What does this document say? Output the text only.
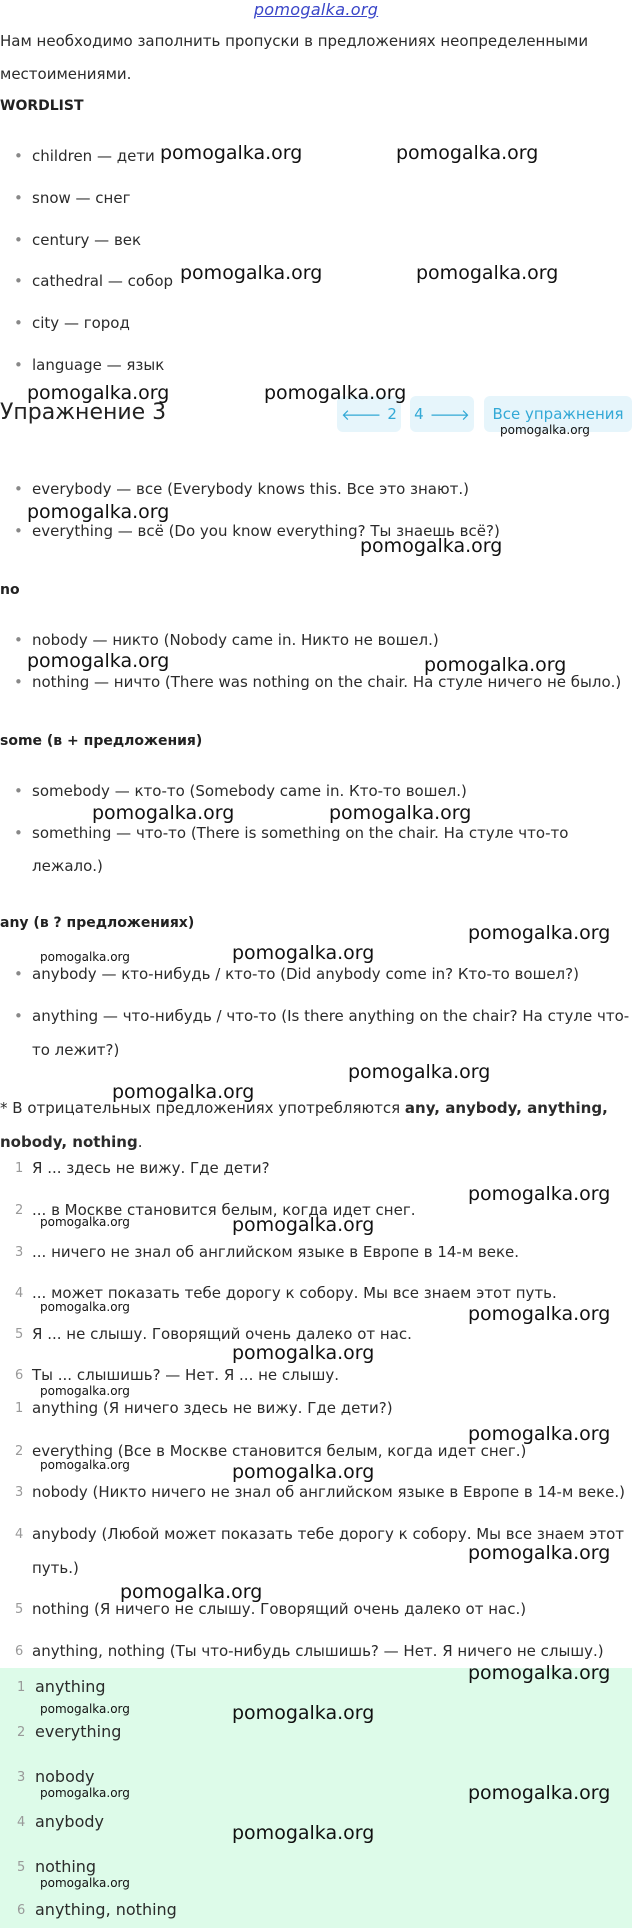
pomogalka.org
Нам необходимо заполнить пропуски в предложениях неопределенными
местоимениями.
WORDLIST
• children — дети
• snow — снег
• century — век
• cathedral — собор
• city — город
• language — язык
Упражнение 3	🡐 2 4 🡒 Все упражнения
• everybody — все (Everybody knows this. Все это знают.)
• everything — всё (Do you know everything? Ты знаешь всё?)
no
• nobody — никто (Nobody came in. Никто не вошел.)
• nothing — ничто (There was nothing on the chair. На стуле ничего не было.)
some (в + предложения)
• somebody — кто-то (Somebody came in. Кто-то вошел.)
• something — что-то (There is something on the chair. На стуле что-то
лежало.)
any (в ? предложениях)
• anybody — кто-нибудь / кто-то (Did anybody come in? Кто-то вошел?)
• anything — что-нибудь / что-то (Is there anything on the chair? На стуле что-
то лежит?)
* В отрицательных предложениях употребляются any, anybody, anything,
nobody, nothing.
1 Я ... здесь не вижу. Где дети?
2 ... в Москве становится белым, когда идет снег.
3 ... ничего не знал об английском языке в Европе в 14-м веке.
4 ... может показать тебе дорогу к собору. Мы все знаем этот путь.
5 Я ... не слышу. Говорящий очень далеко от нас.
6 Ты ... слышишь? — Нет. Я ... не слышу.
1 anything (Я ничего здесь не вижу. Где дети?)
2 everything (Все в Москве становится белым, когда идет снег.)
3 nobody (Никто ничего не знал об английском языке в Европе в 14-м веке.)
4 anybody (Любой может показать тебе дорогу к собору. Мы все знаем этот
путь.)
5 nothing (Я ничего не слышу. Говорящий очень далеко от нас.)
6 anything, nothing (Ты что-нибудь слышишь? — Нет. Я ничего не слышу.)
1 anything
2 everything
3 nobody
4 anybody
5 nothing
6 anything, nothing
pomogalka.org	pomogalka.org
pomogalka.org	pomogalka.org
pomogalka.org	pomogalka.org
pomogalka.org
pomogalka.org
pomogalka.org
pomogalka.org	pomogalka.org
pomogalka.org	pomogalka.org
pomogalka.org
pomogalka.org	pomogalka.org
pomogalka.org
pomogalka.org
pomogalka.org
pomogalka.org	pomogalka.org
pomogalka.org
pomogalka.org
pomogalka.org
pomogalka.org
pomogalka.org
pomogalka.org	pomogalka.org
pomogalka.org
pomogalka.org
pomogalka.org
pomogalka.org	pomogalka.org
pomogalka.org	pomogalka.org
pomogalka.org
pomogalka.org
